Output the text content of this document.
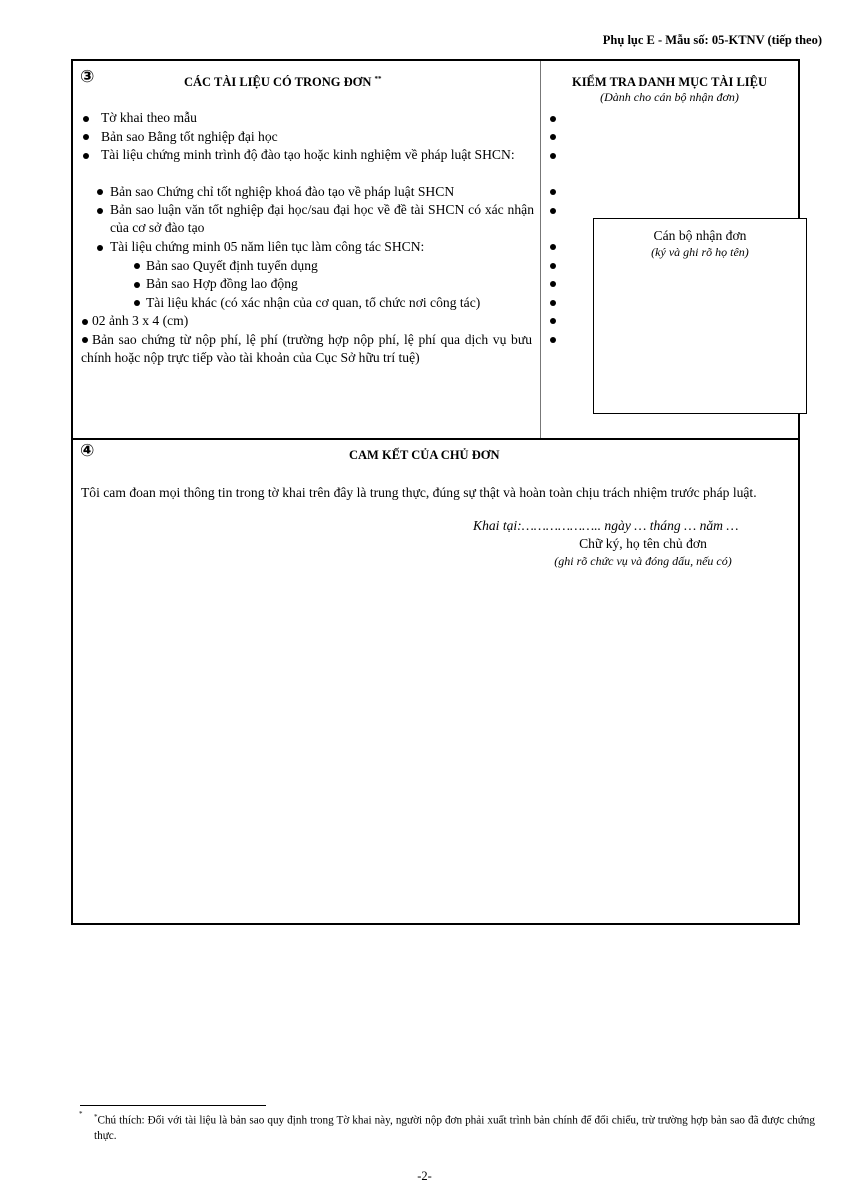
Phụ lục E - Mẫu số: 05-KTNV (tiếp theo)
③	CÁC TÀI LIỆU CÓ TRONG ĐƠN **
Tờ khai theo mẫu
Bản sao Bằng tốt nghiệp đại học
Tài liệu chứng minh trình độ đào tạo hoặc kinh nghiệm về pháp luật SHCN:
Bản sao Chứng chỉ tốt nghiệp khoá đào tạo về pháp luật SHCN
Bản sao luận văn tốt nghiệp đại học/sau đại học về đề tài SHCN có xác nhận của cơ sở đào tạo
Tài liệu chứng minh 05 năm liên tục làm công tác SHCN:
Bản sao Quyết định tuyển dụng
Bản sao Hợp đồng lao động
Tài liệu khác (có xác nhận của cơ quan, tổ chức nơi công tác)
02 ảnh 3 x 4 (cm)
Bản sao chứng từ nộp phí, lệ phí (trường hợp nộp phí, lệ phí qua dịch vụ bưu chính hoặc nộp trực tiếp vào tài khoản của Cục Sở hữu trí tuệ)
KIỂM TRA DANH MỤC TÀI LIỆU
(Dành cho cán bộ nhận đơn)
Cán bộ nhận đơn
(ký và ghi rõ họ tên)
④	CAM KẾT CỦA CHỦ ĐƠN
Tôi cam đoan mọi thông tin trong tờ khai trên đây là trung thực, đúng sự thật và hoàn toàn chịu trách nhiệm trước pháp luật.
Khai tại:……………….. ngày … tháng … năm …
Chữ ký, họ tên chủ đơn
(ghi rõ chức vụ và đóng dấu, nếu có)
*	*Chú thích: Đối với tài liệu là bản sao quy định trong Tờ khai này, người nộp đơn phải xuất trình bản chính để đối chiếu, trừ trường hợp bản sao đã được chứng thực.
-2-
